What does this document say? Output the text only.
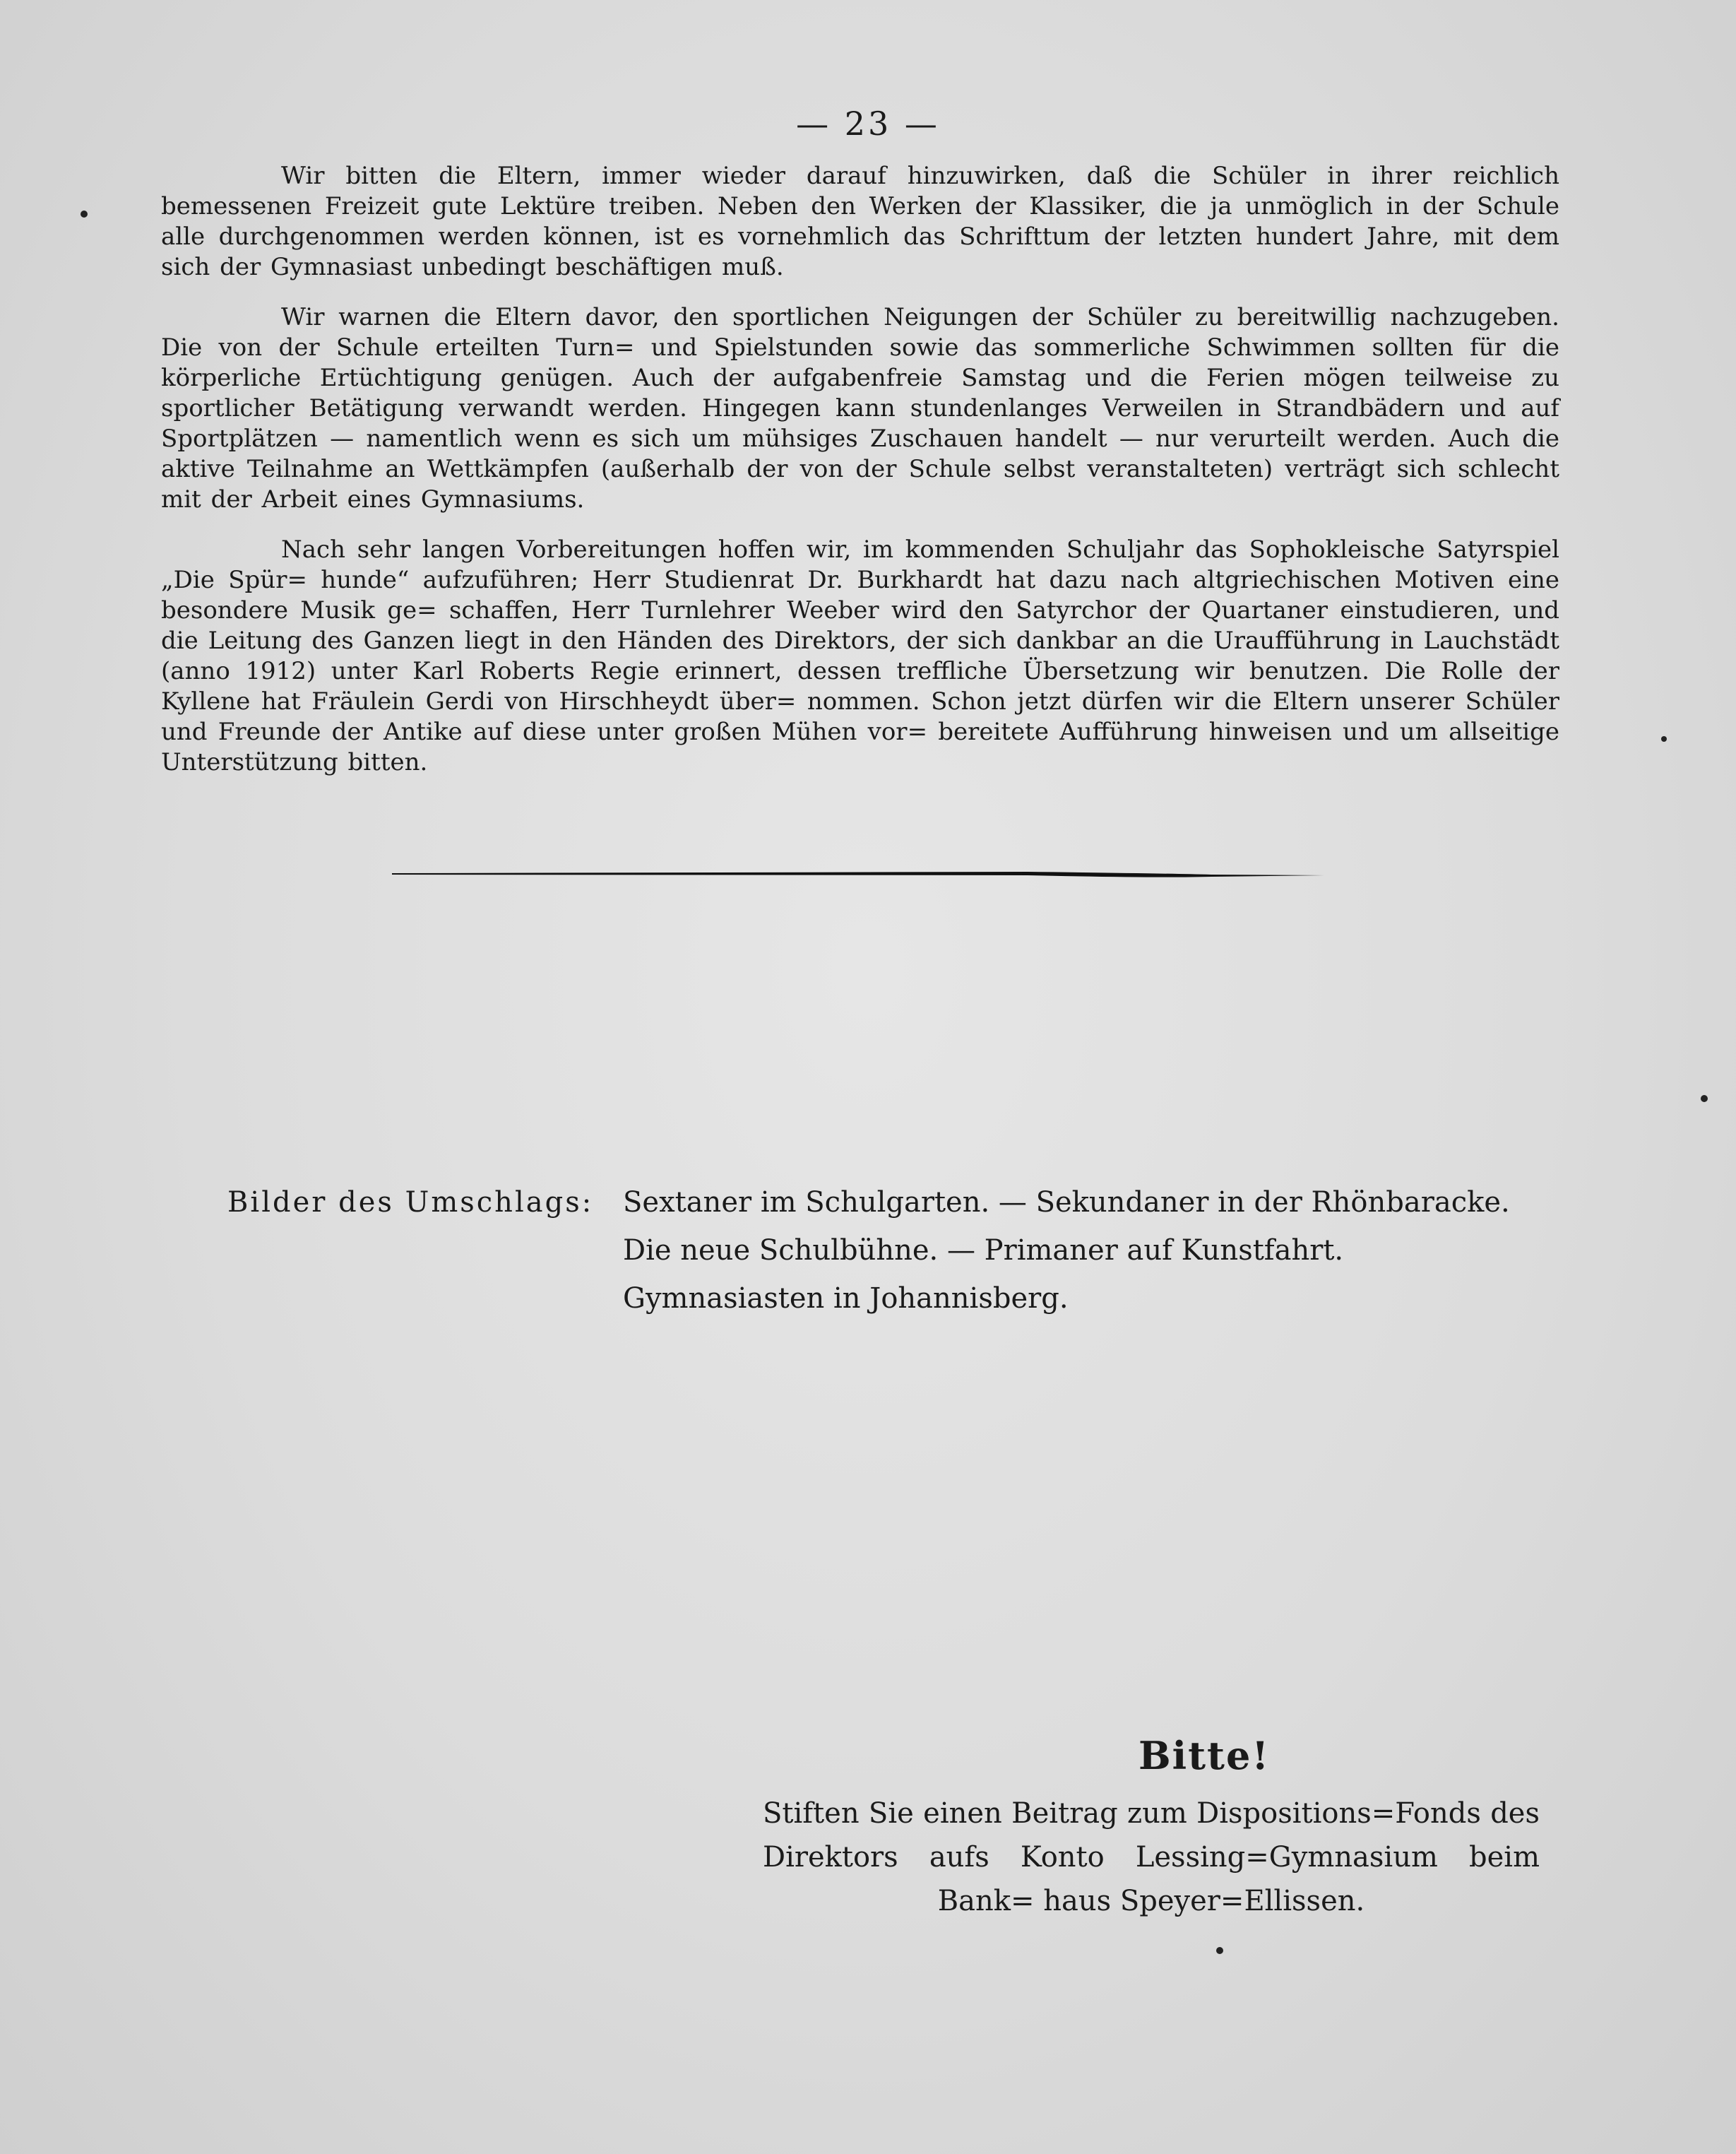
— 23 —

Wir bitten die Eltern, immer wieder darauf hinzuwirken, daß die Schüler in ihrer reichlich bemessenen Freizeit gute Lektüre treiben. Neben den Werken der Klassiker, die ja unmöglich in der Schule alle durchgenommen werden können, ist es vornehmlich das Schrifttum der letzten hundert Jahre, mit dem sich der Gymnasiast unbedingt beschäftigen muß.

Wir warnen die Eltern davor, den sportlichen Neigungen der Schüler zu bereitwillig nachzugeben. Die von der Schule erteilten Turn= und Spielstunden sowie das sommerliche Schwimmen sollten für die körperliche Ertüchtigung genügen. Auch der aufgabenfreie Samstag und die Ferien mögen teilweise zu sportlicher Betätigung verwandt werden. Hingegen kann stundenlanges Verweilen in Strandbädern und auf Sportplätzen — namentlich wenn es sich um mühsiges Zuschauen handelt — nur verurteilt werden. Auch die aktive Teilnahme an Wettkämpfen (außerhalb der von der Schule selbst veranstalteten) verträgt sich schlecht mit der Arbeit eines Gymnasiums.

Nach sehr langen Vorbereitungen hoffen wir, im kommenden Schuljahr das Sophokleische Satyrspiel „Die Spür= hunde“ aufzuführen; Herr Studienrat Dr. Burkhardt hat dazu nach altgriechischen Motiven eine besondere Musik ge= schaffen, Herr Turnlehrer Weeber wird den Satyrchor der Quartaner einstudieren, und die Leitung des Ganzen liegt in den Händen des Direktors, der sich dankbar an die Uraufführung in Lauchstädt (anno 1912) unter Karl Roberts Regie erinnert, dessen treffliche Übersetzung wir benutzen. Die Rolle der Kyllene hat Fräulein Gerdi von Hirschheydt über= nommen. Schon jetzt dürfen wir die Eltern unserer Schüler und Freunde der Antike auf diese unter großen Mühen vor= bereitete Aufführung hinweisen und um allseitige Unterstützung bitten.

Bilder des Umschlags: Sextaner im Schulgarten. — Sekundaner in der Rhönbaracke.
Die neue Schulbühne. — Primaner auf Kunstfahrt.
Gymnasiasten in Johannisberg.
Bitte!
Stiften Sie einen Beitrag zum Dispositions=Fonds des Direktors aufs Konto Lessing=Gymnasium beim Bank= haus Speyer=Ellissen.
